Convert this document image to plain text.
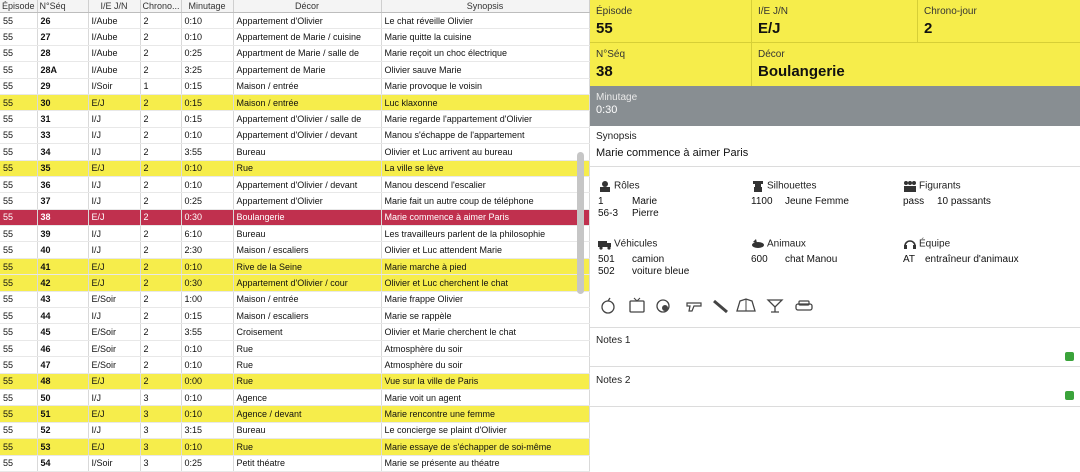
Épisode	N°Séq	I/E J/N	Chrono...	Minutage	Décor	Synopsis
55	26	I/Aube	2	0:10	Appartement d'Olivier	Le chat réveille Olivier
55	27	I/Aube	2	0:10	Appartement de Marie / cuisine	Marie quitte la cuisine
55	28	I/Aube	2	0:25	Appartment de Marie / salle de	Marie reçoit un choc électrique
55	28A	I/Aube	2	3:25	Appartement de Marie	Olivier sauve Marie
55	29	I/Soir	1	0:15	Maison / entrée	Marie provoque le voisin
55	30	E/J	2	0:15	Maison / entrée	Luc klaxonne
55	31	I/J	2	0:15	Appartement d'Olivier / salle de	Marie regarde l'appartement d'Olivier
55	33	I/J	2	0:10	Appartement d'Olivier / devant	Manou s'échappe de l'appartement
55	34	I/J	2	3:55	Bureau	Olivier et Luc arrivent au bureau
55	35	E/J	2	0:10	Rue	La ville se lève
55	36	I/J	2	0:10	Appartement d'Olivier / devant	Manou descend l'escalier
55	37	I/J	2	0:25	Appartement d'Olivier	Marie fait un autre coup de téléphone
55	38	E/J	2	0:30	Boulangerie	Marie commence à aimer Paris
55	39	I/J	2	6:10	Bureau	Les travailleurs parlent de la philosophie
55	40	I/J	2	2:30	Maison / escaliers	Olivier et Luc attendent Marie
55	41	E/J	2	0:10	Rive de la Seine	Marie marche à pied
55	42	E/J	2	0:30	Appartement d'Olivier / cour	Olivier et Luc cherchent le chat
55	43	E/Soir	2	1:00	Maison / entrée	Marie frappe Olivier
55	44	I/J	2	0:15	Maison / escaliers	Marie se rappèle
55	45	E/Soir	2	3:55	Croisement	Olivier et Marie cherchent le chat
55	46	E/Soir	2	0:10	Rue	Atmosphère du soir
55	47	E/Soir	2	0:10	Rue	Atmosphère du soir
55	48	E/J	2	0:00	Rue	Vue sur la ville de Paris
55	50	I/J	3	0:10	Agence	Marie voit un agent
55	51	E/J	3	0:10	Agence / devant	Marie rencontre une femme
55	52	I/J	3	3:15	Bureau	Le concierge se plaint d'Olivier
55	53	E/J	3	0:10	Rue	Marie essaye de s'échapper de soi-même
55	54	I/Soir	3	0:25	Petit théatre	Marie se présente au théatre
Épisode
55
I/E J/N
E/J
Chrono-jour
2
N°Séq
38
Décor
Boulangerie
Minutage
0:30
Synopsis
Marie commence à aimer Paris
Rôles
1	Marie
56-3 Pierre
Silhouettes
1100 Jeune Femme
Figurants
pass 10 passants
Véhicules
501 camion
502 voiture bleue
Animaux
600 chat Manou
Équipe
AT entraîneur d'animaux
Notes 1
Notes 2
